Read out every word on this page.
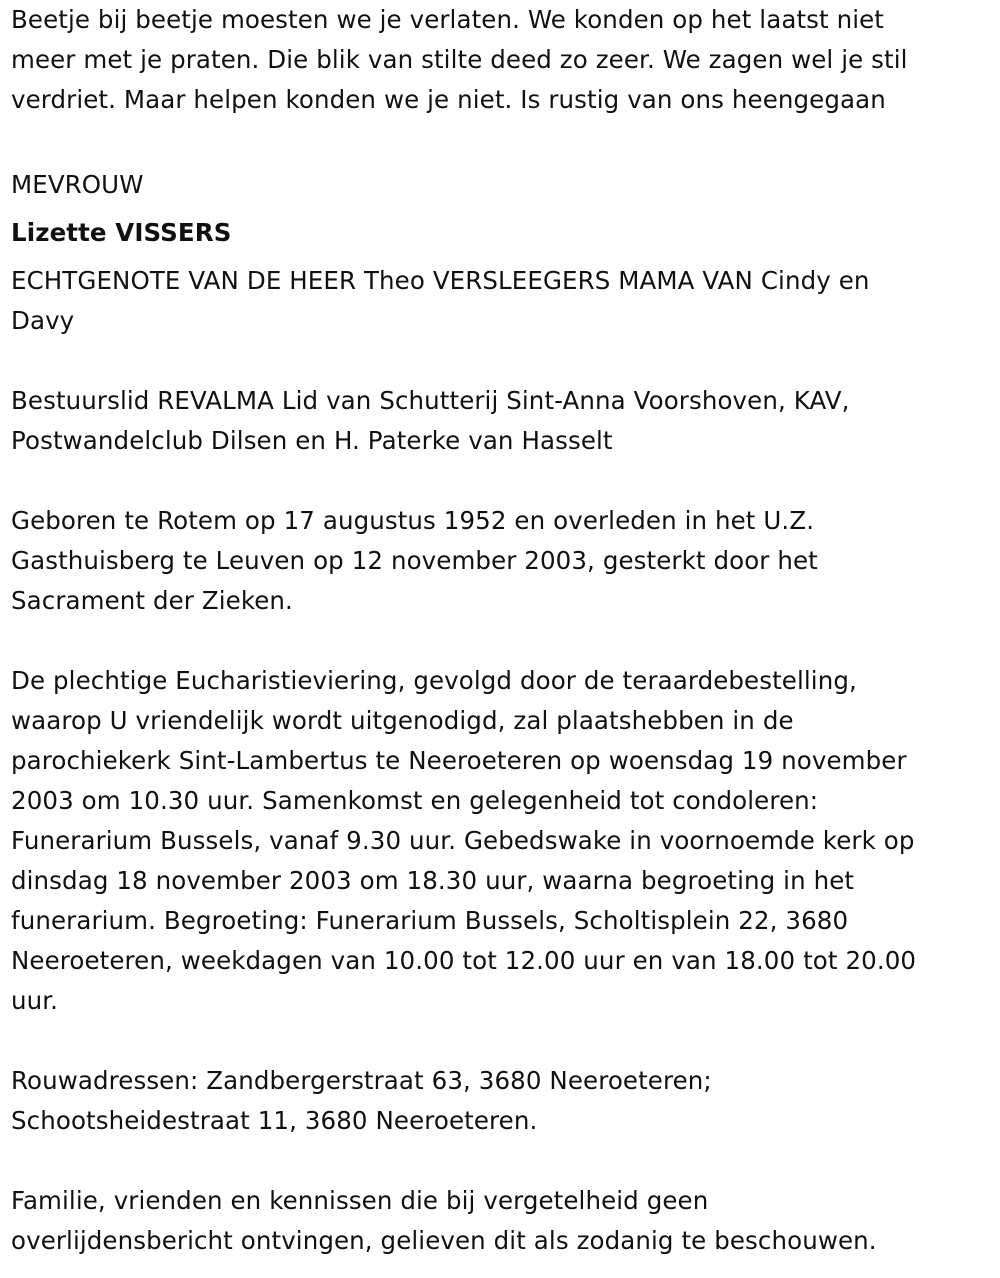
Beetje bij beetje moesten we je verlaten. We konden op het laatst niet
meer met je praten. Die blik van stilte deed zo zeer. We zagen wel je stil
verdriet. Maar helpen konden we je niet. Is rustig van ons heengegaan
MEVROUW
Lizette VISSERS
ECHTGENOTE VAN DE HEER Theo VERSLEEGERS MAMA VAN Cindy en
Davy
Bestuurslid REVALMA Lid van Schutterij Sint-Anna Voorshoven, KAV,
Postwandelclub Dilsen en H. Paterke van Hasselt
Geboren te Rotem op 17 augustus 1952 en overleden in het U.Z.
Gasthuisberg te Leuven op 12 november 2003, gesterkt door het
Sacrament der Zieken.
De plechtige Eucharistieviering, gevolgd door de teraardebestelling,
waarop U vriendelijk wordt uitgenodigd, zal plaatshebben in de
parochiekerk Sint-Lambertus te Neeroeteren op woensdag 19 november
2003 om 10.30 uur. Samenkomst en gelegenheid tot condoleren:
Funerarium Bussels, vanaf 9.30 uur. Gebedswake in voornoemde kerk op
dinsdag 18 november 2003 om 18.30 uur, waarna begroeting in het
funerarium. Begroeting: Funerarium Bussels, Scholtisplein 22, 3680
Neeroeteren, weekdagen van 10.00 tot 12.00 uur en van 18.00 tot 20.00
uur.
Rouwadressen: Zandbergerstraat 63, 3680 Neeroeteren;
Schootsheidestraat 11, 3680 Neeroeteren.
Familie, vrienden en kennissen die bij vergetelheid geen
overlijdensbericht ontvingen, gelieven dit als zodanig te beschouwen.
